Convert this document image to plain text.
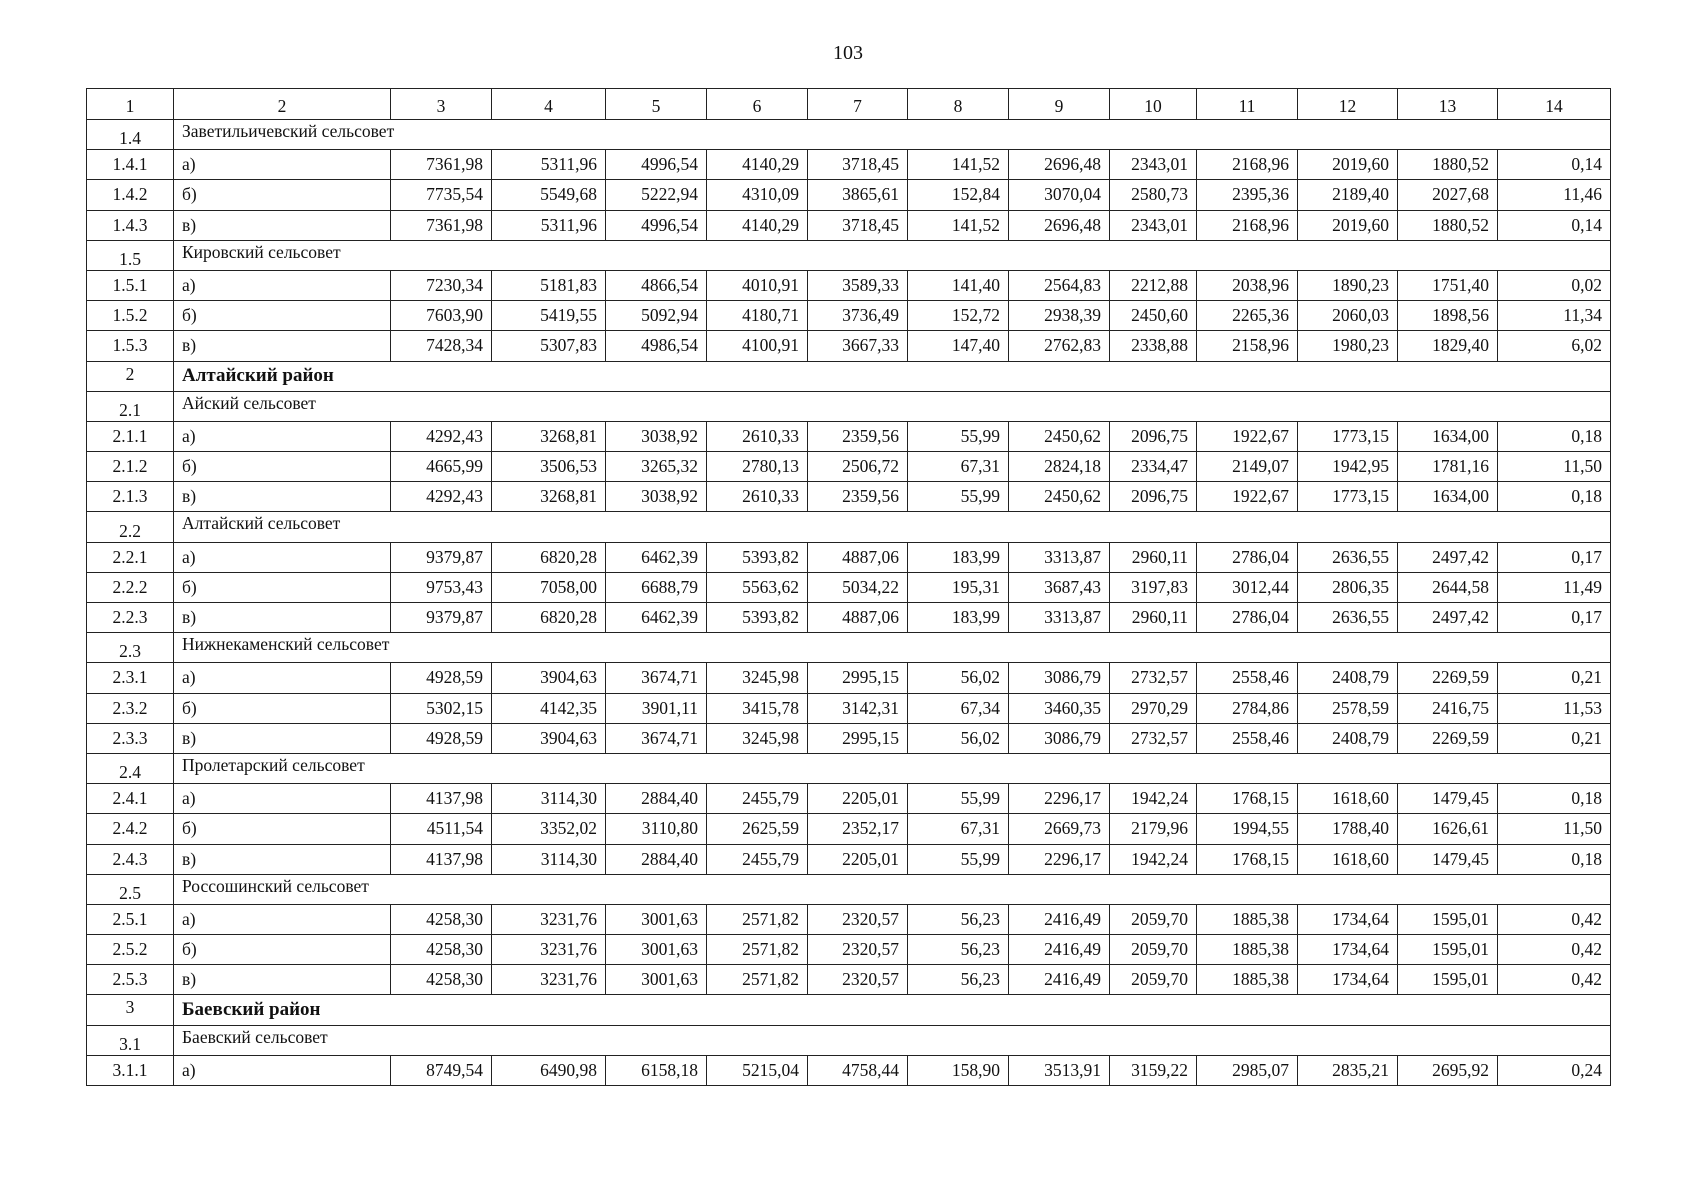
103
1	2	3	4	5	6	7	8	9	10	11	12	13	14
1.4	Заветильичевский сельсовет												
1.4.1	а)	7361,98	5311,96	4996,54	4140,29	3718,45	141,52	2696,48	2343,01	2168,96	2019,60	1880,52	0,14
1.4.2	б)	7735,54	5549,68	5222,94	4310,09	3865,61	152,84	3070,04	2580,73	2395,36	2189,40	2027,68	11,46
1.4.3	в)	7361,98	5311,96	4996,54	4140,29	3718,45	141,52	2696,48	2343,01	2168,96	2019,60	1880,52	0,14
1.5	Кировский сельсовет												
1.5.1	а)	7230,34	5181,83	4866,54	4010,91	3589,33	141,40	2564,83	2212,88	2038,96	1890,23	1751,40	0,02
1.5.2	б)	7603,90	5419,55	5092,94	4180,71	3736,49	152,72	2938,39	2450,60	2265,36	2060,03	1898,56	11,34
1.5.3	в)	7428,34	5307,83	4986,54	4100,91	3667,33	147,40	2762,83	2338,88	2158,96	1980,23	1829,40	6,02
2	Алтайский район												
2.1	Айский сельсовет												
2.1.1	а)	4292,43	3268,81	3038,92	2610,33	2359,56	55,99	2450,62	2096,75	1922,67	1773,15	1634,00	0,18
2.1.2	б)	4665,99	3506,53	3265,32	2780,13	2506,72	67,31	2824,18	2334,47	2149,07	1942,95	1781,16	11,50
2.1.3	в)	4292,43	3268,81	3038,92	2610,33	2359,56	55,99	2450,62	2096,75	1922,67	1773,15	1634,00	0,18
2.2	Алтайский сельсовет												
2.2.1	а)	9379,87	6820,28	6462,39	5393,82	4887,06	183,99	3313,87	2960,11	2786,04	2636,55	2497,42	0,17
2.2.2	б)	9753,43	7058,00	6688,79	5563,62	5034,22	195,31	3687,43	3197,83	3012,44	2806,35	2644,58	11,49
2.2.3	в)	9379,87	6820,28	6462,39	5393,82	4887,06	183,99	3313,87	2960,11	2786,04	2636,55	2497,42	0,17
2.3	Нижнекаменский сельсовет												
2.3.1	а)	4928,59	3904,63	3674,71	3245,98	2995,15	56,02	3086,79	2732,57	2558,46	2408,79	2269,59	0,21
2.3.2	б)	5302,15	4142,35	3901,11	3415,78	3142,31	67,34	3460,35	2970,29	2784,86	2578,59	2416,75	11,53
2.3.3	в)	4928,59	3904,63	3674,71	3245,98	2995,15	56,02	3086,79	2732,57	2558,46	2408,79	2269,59	0,21
2.4	Пролетарский сельсовет												
2.4.1	а)	4137,98	3114,30	2884,40	2455,79	2205,01	55,99	2296,17	1942,24	1768,15	1618,60	1479,45	0,18
2.4.2	б)	4511,54	3352,02	3110,80	2625,59	2352,17	67,31	2669,73	2179,96	1994,55	1788,40	1626,61	11,50
2.4.3	в)	4137,98	3114,30	2884,40	2455,79	2205,01	55,99	2296,17	1942,24	1768,15	1618,60	1479,45	0,18
2.5	Россошинский сельсовет												
2.5.1	а)	4258,30	3231,76	3001,63	2571,82	2320,57	56,23	2416,49	2059,70	1885,38	1734,64	1595,01	0,42
2.5.2	б)	4258,30	3231,76	3001,63	2571,82	2320,57	56,23	2416,49	2059,70	1885,38	1734,64	1595,01	0,42
2.5.3	в)	4258,30	3231,76	3001,63	2571,82	2320,57	56,23	2416,49	2059,70	1885,38	1734,64	1595,01	0,42
3	Баевский район												
3.1	Баевский сельсовет												
3.1.1	а)	8749,54	6490,98	6158,18	5215,04	4758,44	158,90	3513,91	3159,22	2985,07	2835,21	2695,92	0,24
